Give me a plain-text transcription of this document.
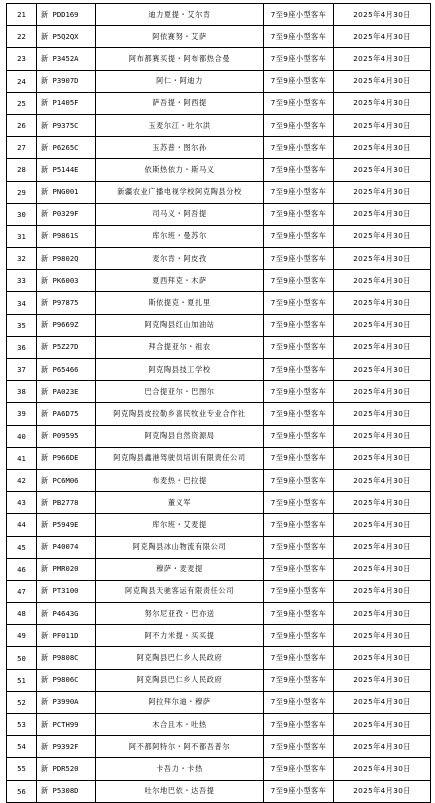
21	新 PDD169	迪力夏提・艾尔肯	7至9座小型客车	2025年4月30日
22	新 P5Q2QX	阿依赛努・艾萨	7至9座小型客车	2025年4月30日
23	新 P3452A	阿布都赛买提・阿布都热合曼	7至9座小型客车	2025年4月30日
24	新 P3907D	阿仁・阿迪力	7至9座小型客车	2025年4月30日
25	新 P1405F	萨吾提・阿西提	7至9座小型客车	2025年4月30日
26	新 P9375C	玉麦尔江・吐尔洪	7至9座小型客车	2025年4月30日
27	新 P6265C	玉苏普・图尔孙	7至9座小型客车	2025年4月30日
28	新 P5144E	依斯热依力・斯马义	7至9座小型客车	2025年4月30日
29	新 PNG001	新疆农业广播电视学校阿克陶县分校	7至9座小型客车	2025年4月30日
30	新 P0329F	司马义・阿吾提	7至9座小型客车	2025年4月30日
31	新 P9861S	库尔班・曼苏尔	7至9座小型客车	2025年4月30日
32	新 P9802Q	麦尔肯・阿皮孜	7至9座小型客车	2025年4月30日
33	新 PK6003	夏西拜克・木萨	7至9座小型客车	2025年4月30日
34	新 P97875	斯依提克・夏扎里	7至9座小型客车	2025年4月30日
35	新 P9669Z	阿克陶县红山加油站	7至9座小型客车	2025年4月30日
36	新 P5Z27D	拜合提亚尔・祖农	7至9座小型客车	2025年4月30日
37	新 P65466	阿克陶县技工学校	7至9座小型客车	2025年4月30日
38	新 PA023E	巴合提亚尔・巴图尔	7至9座小型客车	2025年4月30日
39	新 PA6D75	阿克陶县皮拉勒乡喜民牧业专业合作社	7至9座小型客车	2025年4月30日
40	新 P09595	阿克陶县自然资源局	7至9座小型客车	2025年4月30日
41	新 P966DE	阿克陶县鑫港驾驶员培训有限责任公司	7至9座小型客车	2025年4月30日
42	新 PC6M06	布麦热・巴拉提	7至9座小型客车	2025年4月30日
43	新 PB2778	董义军	7至9座小型客车	2025年4月30日
44	新 P5949E	库尔班・艾麦提	7至9座小型客车	2025年4月30日
45	新 P40074	阿克陶县冰山物流有限公司	7至9座小型客车	2025年4月30日
46	新 PMR020	穆萨・麦麦提	7至9座小型客车	2025年4月30日
47	新 PT3100	阿克陶县天驰客运有限责任公司	7至9座小型客车	2025年4月30日
48	新 P4643G	努尔尼亚孜・巴亦送	7至9座小型客车	2025年4月30日
49	新 PF011D	阿不力米提・买买提	7至9座小型客车	2025年4月30日
50	新 P9808C	阿克陶县巴仁乡人民政府	7至9座小型客车	2025年4月30日
51	新 P9806C	阿克陶县巴仁乡人民政府	7至9座小型客车	2025年4月30日
52	新 P3990A	阿拉拜尔迪・穆萨	7至9座小型客车	2025年4月30日
53	新 PCTH99	木合且木・吐热	7至9座小型客车	2025年4月30日
54	新 P9392F	阿不都阿特尔・阿不都吾普尔	7至9座小型客车	2025年4月30日
55	新 PDR520	卡吾力・卡热	7至9座小型客车	2025年4月30日
56	新 P5308D	吐尔地巴依・达吾提	7至9座小型客车	2025年4月30日
